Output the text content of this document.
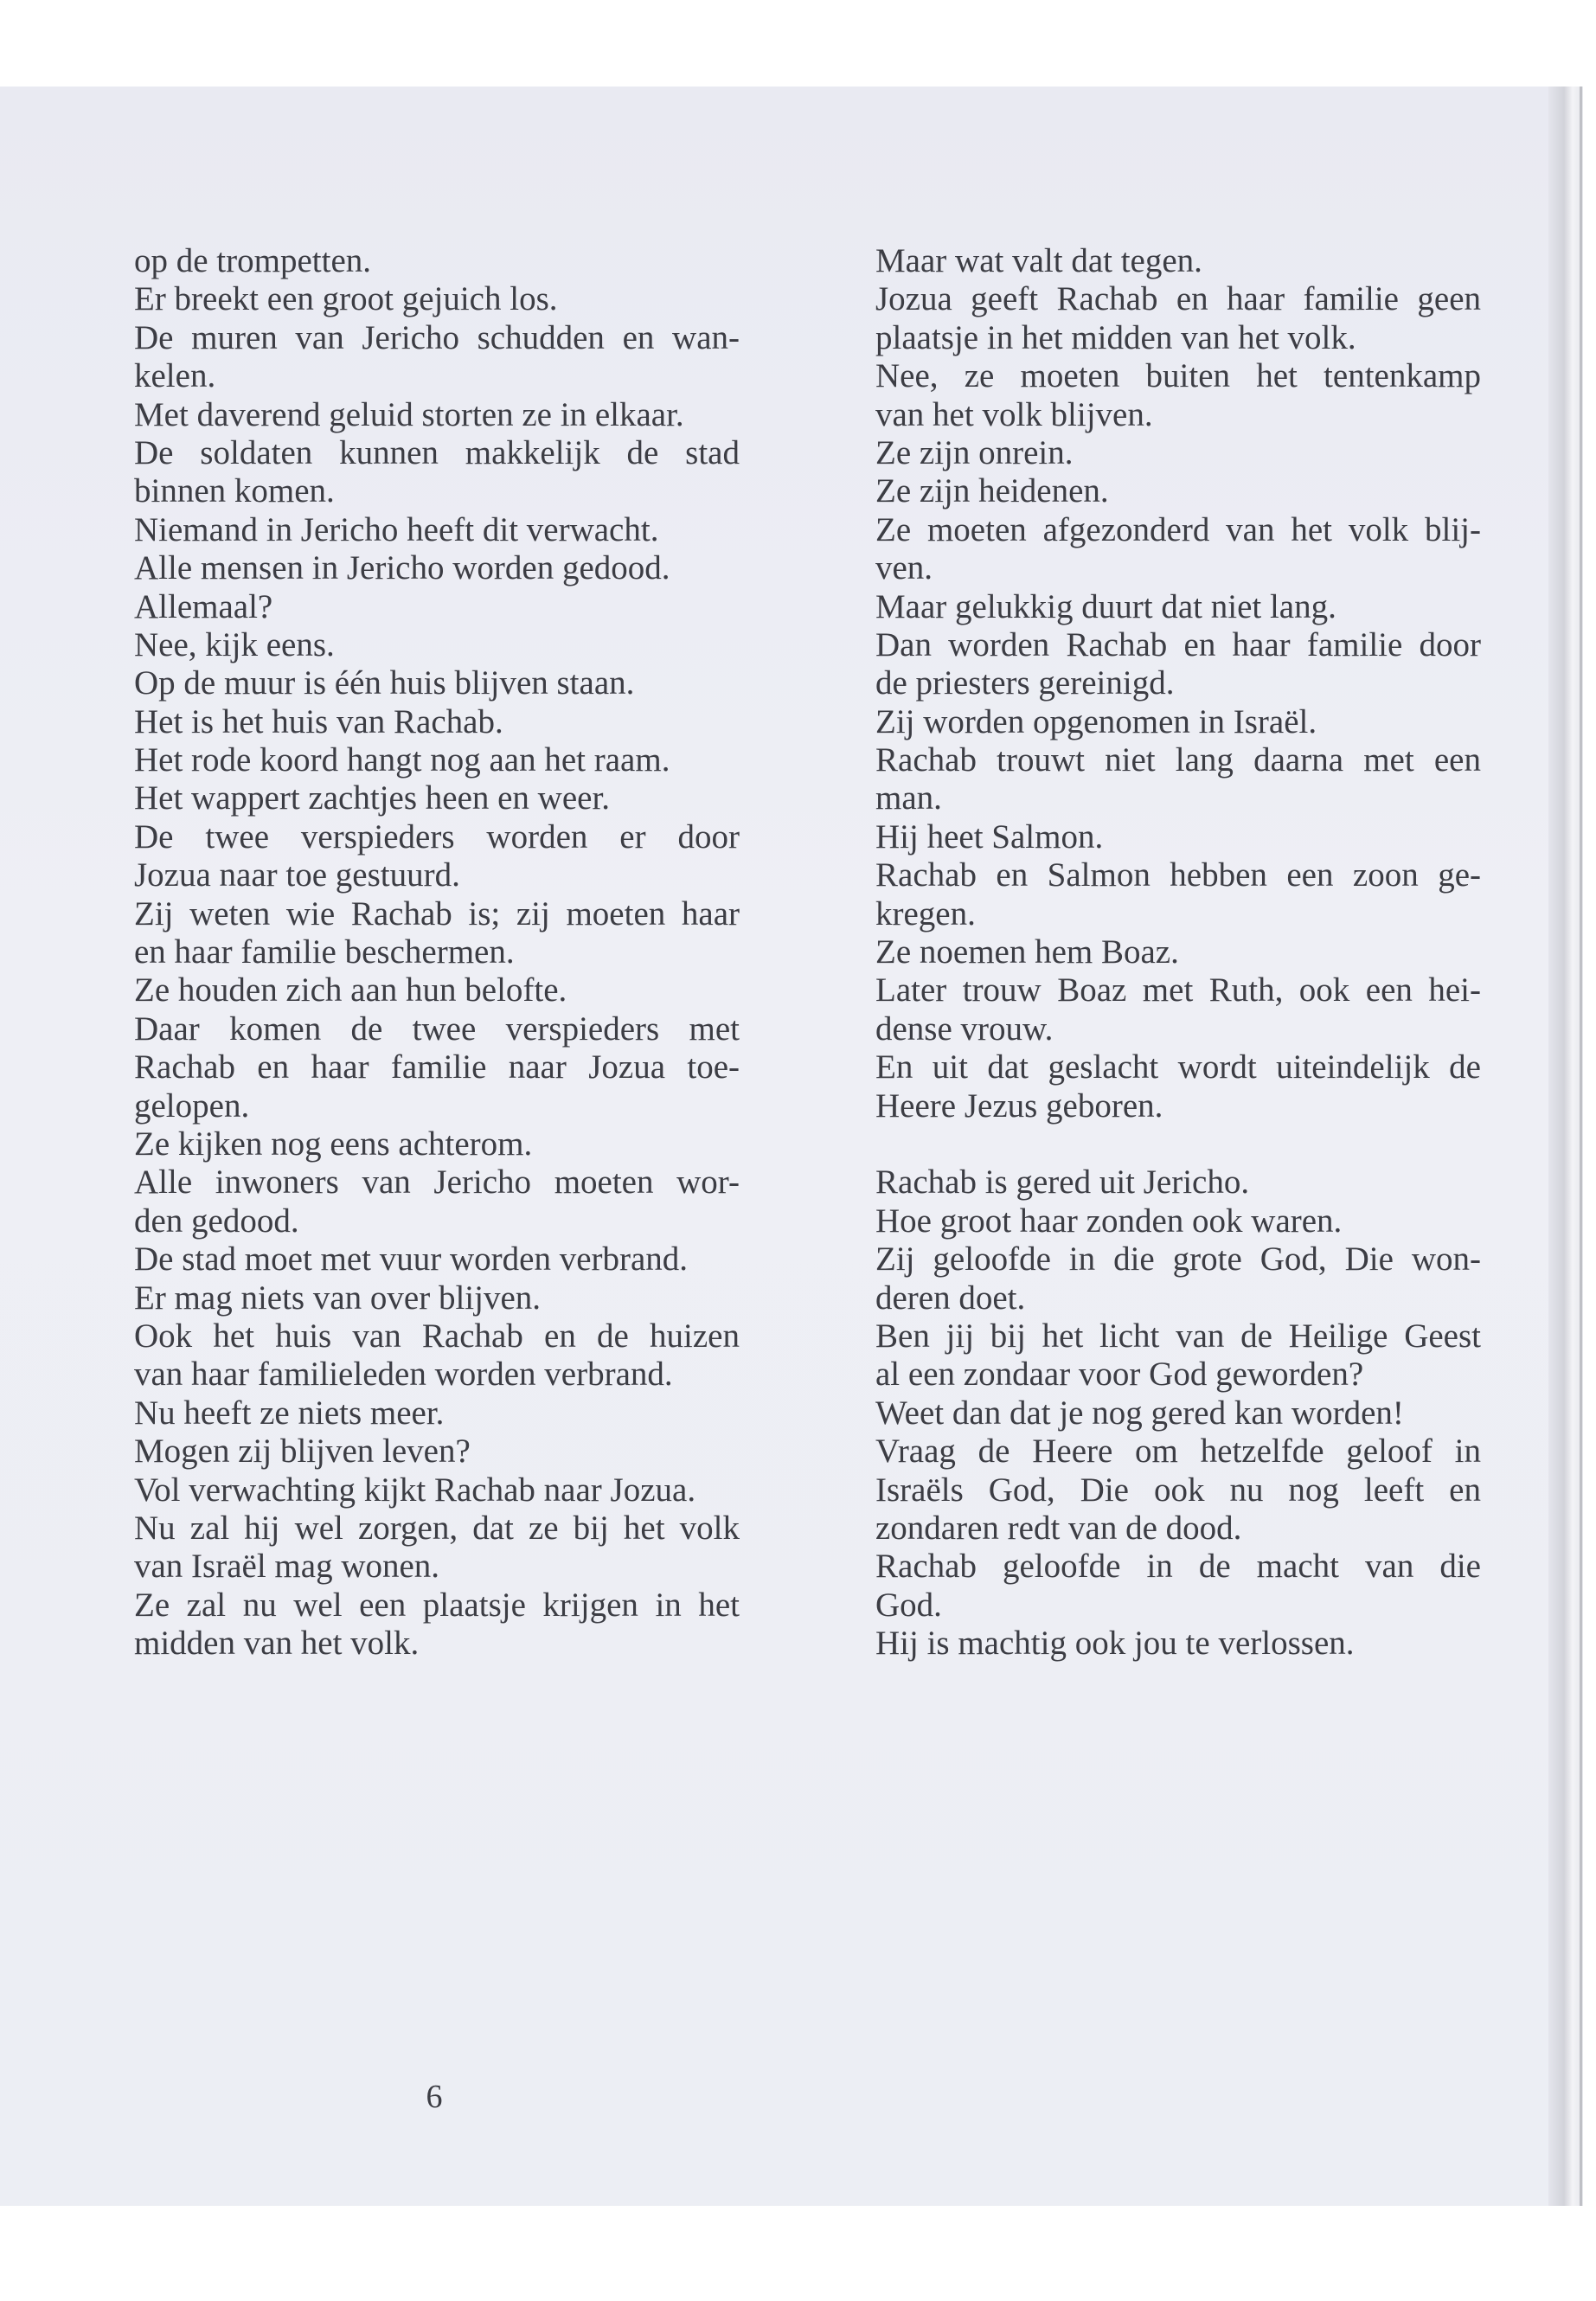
op de trompetten.
Er breekt een groot gejuich los.
De muren van Jericho schudden en wan-
kelen.
Met daverend geluid storten ze in elkaar.
De soldaten kunnen makkelijk de stad
binnen komen.
Niemand in Jericho heeft dit verwacht.
Alle mensen in Jericho worden gedood.
Allemaal?
Nee, kijk eens.
Op de muur is één huis blijven staan.
Het is het huis van Rachab.
Het rode koord hangt nog aan het raam.
Het wappert zachtjes heen en weer.
De twee verspieders worden er door
Jozua naar toe gestuurd.
Zij weten wie Rachab is; zij moeten haar
en haar familie beschermen.
Ze houden zich aan hun belofte.
Daar komen de twee verspieders met
Rachab en haar familie naar Jozua toe-
gelopen.
Ze kijken nog eens achterom.
Alle inwoners van Jericho moeten wor-
den gedood.
De stad moet met vuur worden verbrand.
Er mag niets van over blijven.
Ook het huis van Rachab en de huizen
van haar familieleden worden verbrand.
Nu heeft ze niets meer.
Mogen zij blijven leven?
Vol verwachting kijkt Rachab naar Jozua.
Nu zal hij wel zorgen, dat ze bij het volk
van Israël mag wonen.
Ze zal nu wel een plaatsje krijgen in het
midden van het volk.
Maar wat valt dat tegen.
Jozua geeft Rachab en haar familie geen
plaatsje in het midden van het volk.
Nee, ze moeten buiten het tentenkamp
van het volk blijven.
Ze zijn onrein.
Ze zijn heidenen.
Ze moeten afgezonderd van het volk blij-
ven.
Maar gelukkig duurt dat niet lang.
Dan worden Rachab en haar familie door
de priesters gereinigd.
Zij worden opgenomen in Israël.
Rachab trouwt niet lang daarna met een
man.
Hij heet Salmon.
Rachab en Salmon hebben een zoon ge-
kregen.
Ze noemen hem Boaz.
Later trouw Boaz met Ruth, ook een hei-
dense vrouw.
En uit dat geslacht wordt uiteindelijk de
Heere Jezus geboren.
Rachab is gered uit Jericho.
Hoe groot haar zonden ook waren.
Zij geloofde in die grote God, Die won-
deren doet.
Ben jij bij het licht van de Heilige Geest
al een zondaar voor God geworden?
Weet dan dat je nog gered kan worden!
Vraag de Heere om hetzelfde geloof in
Israëls God, Die ook nu nog leeft en
zondaren redt van de dood.
Rachab geloofde in de macht van die
God.
Hij is machtig ook jou te verlossen.
6
